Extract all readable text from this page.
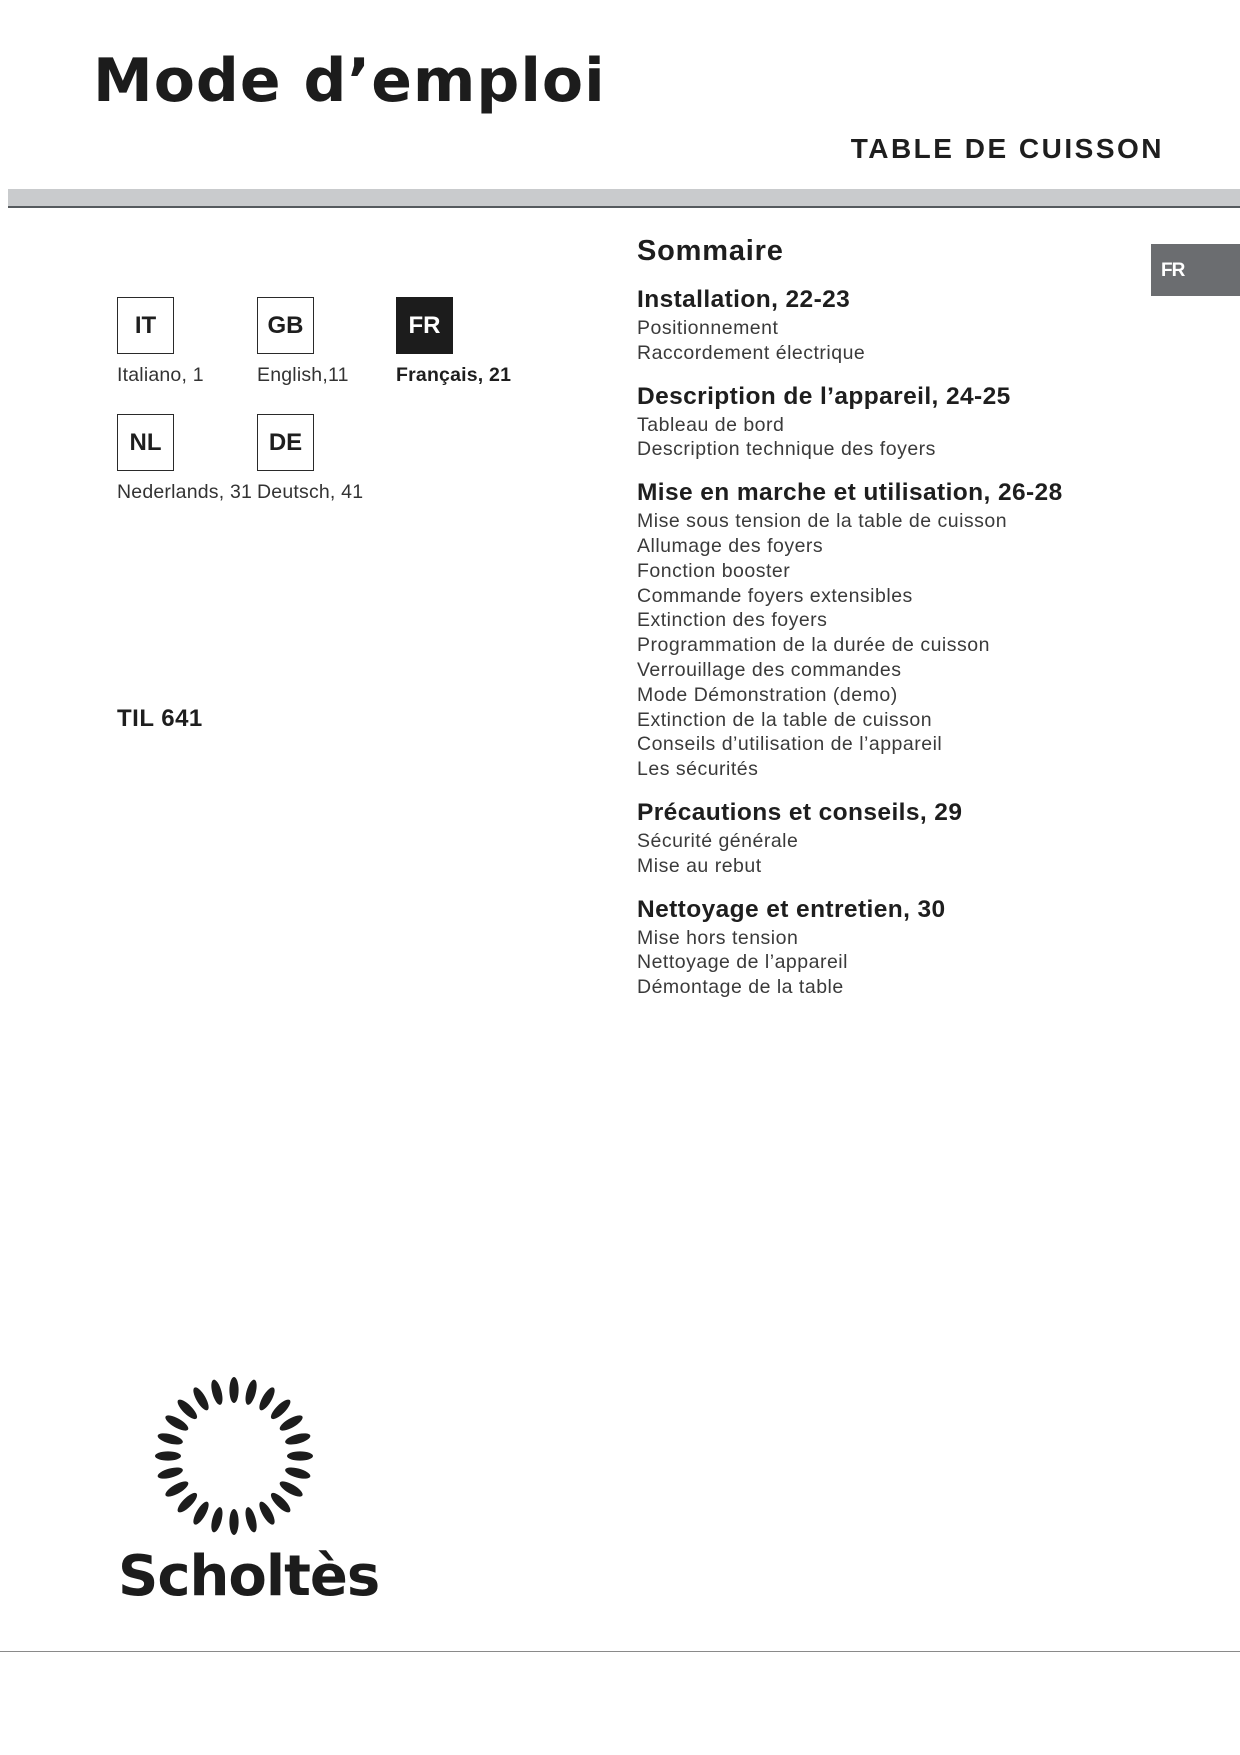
Mode d’emploi
TABLE DE CUISSON
FR
IT
Italiano, 1
GB
English,11
FR
Français, 21
NL
Nederlands, 31
DE
Deutsch, 41
TIL 641
Sommaire
Installation, 22-23
Positionnement
Raccordement électrique
Description de l’appareil, 24-25
Tableau de bord
Description technique des foyers
Mise en marche et utilisation, 26-28
Mise sous tension de la table de cuisson
Allumage des foyers
Fonction booster
Commande foyers extensibles
Extinction des foyers
Programmation de la durée de cuisson
Verrouillage des commandes
Mode Démonstration (demo)
Extinction de la table de cuisson
Conseils d’utilisation de l’appareil
Les sécurités
Précautions et conseils, 29
Sécurité générale
Mise au rebut
Nettoyage et entretien, 30
Mise hors tension
Nettoyage de l’appareil
Démontage de la table
Scholtès
